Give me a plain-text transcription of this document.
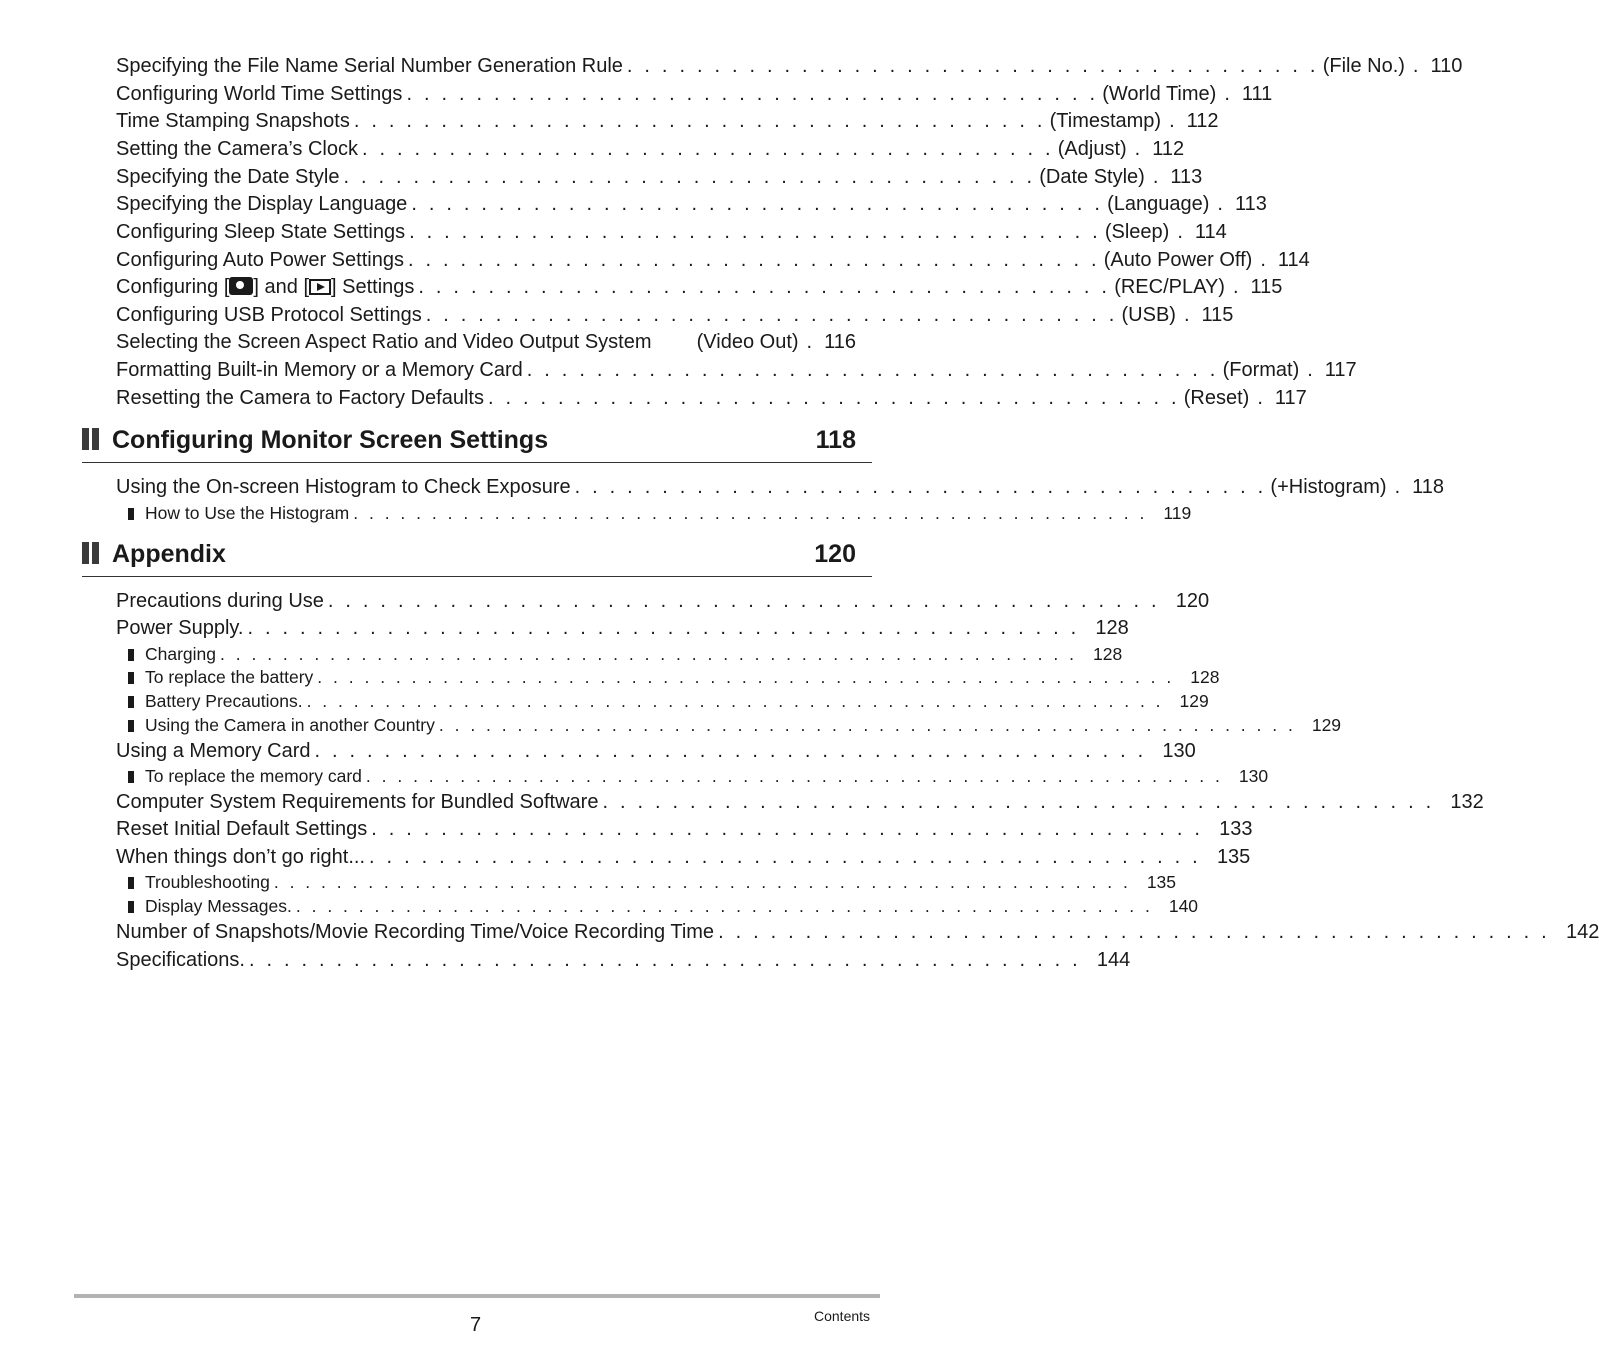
Specifying the File Name Serial Number Generation Rule . . . . . . . . . . . . . . . . . . . . . . . . . . . . . . . . . . . . . . . . (File No.) . 110
Configuring World Time Settings . . . . . . . . . . . . . . . . . . . . . . . . . . . . . . . . . . . . . . . . (World Time) . 111
Time Stamping Snapshots . . . . . . . . . . . . . . . . . . . . . . . . . . . . . . . . . . . . . . . . (Timestamp) . 112
Setting the Camera’s Clock . . . . . . . . . . . . . . . . . . . . . . . . . . . . . . . . . . . . . . . . (Adjust) . 112
Specifying the Date Style . . . . . . . . . . . . . . . . . . . . . . . . . . . . . . . . . . . . . . . . (Date Style) . 113
Specifying the Display Language . . . . . . . . . . . . . . . . . . . . . . . . . . . . . . . . . . . . . . . . (Language) . 113
Configuring Sleep State Settings . . . . . . . . . . . . . . . . . . . . . . . . . . . . . . . . . . . . . . . . (Sleep) . 114
Configuring Auto Power Settings . . . . . . . . . . . . . . . . . . . . . . . . . . . . . . . . . . . . . . . . (Auto Power Off) . 114
Configuring [ ] and [ ] Settings . . . . . . . . . . . . . . . . . . . . . . . . . . . . . . . . . . . . . . . . (REC/PLAY) . 115
Configuring USB Protocol Settings . . . . . . . . . . . . . . . . . . . . . . . . . . . . . . . . . . . . . . . . (USB) . 115
Selecting the Screen Aspect Ratio and Video Output System (Video Out) . 116
Formatting Built-in Memory or a Memory Card . . . . . . . . . . . . . . . . . . . . . . . . . . . . . . . . . . . . . . . . (Format) . 117
Resetting the Camera to Factory Defaults . . . . . . . . . . . . . . . . . . . . . . . . . . . . . . . . . . . . . . . . (Reset) . 117
Configuring Monitor Screen Settings	118
Using the On-screen Histogram to Check Exposure . . . . . . . . . . . . . . . . . . . . . . . . . . . . . . . . . . . . . . . . (+Histogram) . 118
How to Use the Histogram . . . . . . . . . . . . . . . . . . . . . . . . . . . . . . . . . . . . . . . . . . . . . . . . . . . 119
Appendix	120
Precautions during Use . . . . . . . . . . . . . . . . . . . . . . . . . . . . . . . . . . . . . . . . . . . . . . . . 120
Power Supply. . . . . . . . . . . . . . . . . . . . . . . . . . . . . . . . . . . . . . . . . . . . . . . . . 128
Charging . . . . . . . . . . . . . . . . . . . . . . . . . . . . . . . . . . . . . . . . . . . . . . . . . . . . . . . 128
To replace the battery . . . . . . . . . . . . . . . . . . . . . . . . . . . . . . . . . . . . . . . . . . . . . . . . . . . . . . . 128
Battery Precautions. . . . . . . . . . . . . . . . . . . . . . . . . . . . . . . . . . . . . . . . . . . . . . . . . . . . . . . . 129
Using the Camera in another Country . . . . . . . . . . . . . . . . . . . . . . . . . . . . . . . . . . . . . . . . . . . . . . . . . . . . . . . 129
Using a Memory Card . . . . . . . . . . . . . . . . . . . . . . . . . . . . . . . . . . . . . . . . . . . . . . . . 130
To replace the memory card . . . . . . . . . . . . . . . . . . . . . . . . . . . . . . . . . . . . . . . . . . . . . . . . . . . . . . . 130
Computer System Requirements for Bundled Software . . . . . . . . . . . . . . . . . . . . . . . . . . . . . . . . . . . . . . . . . . . . . . . . 132
Reset Initial Default Settings . . . . . . . . . . . . . . . . . . . . . . . . . . . . . . . . . . . . . . . . . . . . . . . . 133
When things don’t go right... . . . . . . . . . . . . . . . . . . . . . . . . . . . . . . . . . . . . . . . . . . . . . . . . 135
Troubleshooting . . . . . . . . . . . . . . . . . . . . . . . . . . . . . . . . . . . . . . . . . . . . . . . . . . . . . . . 135
Display Messages. . . . . . . . . . . . . . . . . . . . . . . . . . . . . . . . . . . . . . . . . . . . . . . . . . . . . . . . 140
Number of Snapshots/Movie Recording Time/Voice Recording Time . . . . . . . . . . . . . . . . . . . . . . . . . . . . . . . . . . . . . . . . . . . . . . . . 142
Specifications. . . . . . . . . . . . . . . . . . . . . . . . . . . . . . . . . . . . . . . . . . . . . . . . . 144
7	Contents
